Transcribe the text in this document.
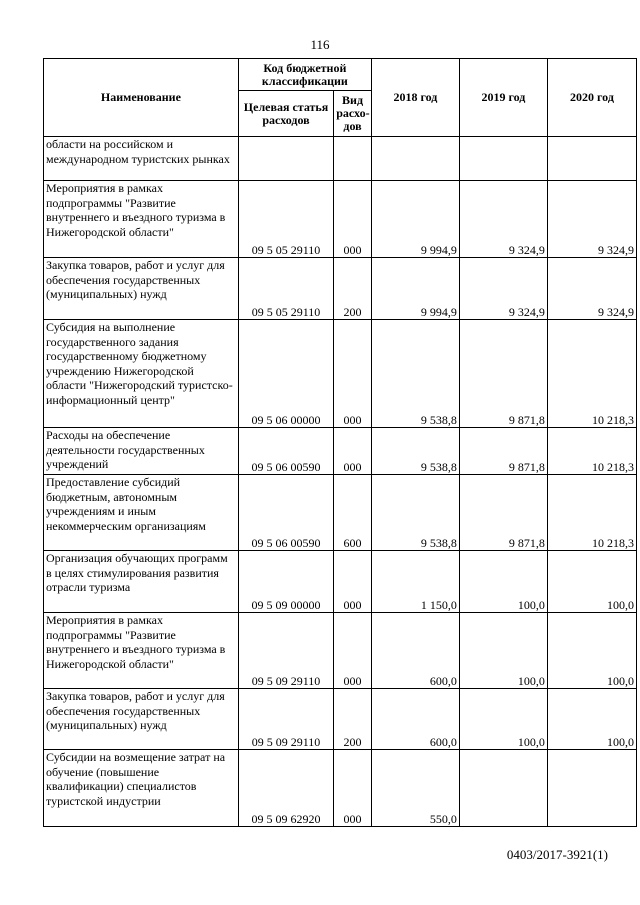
116
Наименование	Код бюджетной классификации		2018 год	2019 год	2020 год
	Целевая статья расходов	Вид расхо- дов			
области на российском и международном туристских рынках					
Мероприятия в рамках подпрограммы "Развитие внутреннего и въездного туризма в Нижегородской области"	09 5 05 29110	000	9 994,9	9 324,9	9 324,9
Закупка товаров, работ и услуг для обеспечения государственных (муниципальных) нужд	09 5 05 29110	200	9 994,9	9 324,9	9 324,9
Субсидия на выполнение государственного задания государственному бюджетному учреждению Нижегородской области "Нижегородский туристско-информационный центр"	09 5 06 00000	000	9 538,8	9 871,8	10 218,3
Расходы на обеспечение деятельности государственных учреждений	09 5 06 00590	000	9 538,8	9 871,8	10 218,3
Предоставление субсидий бюджетным, автономным учреждениям и иным некоммерческим организациям	09 5 06 00590	600	9 538,8	9 871,8	10 218,3
Организация обучающих программ в целях стимулирования развития отрасли туризма	09 5 09 00000	000	1 150,0	100,0	100,0
Мероприятия в рамках подпрограммы "Развитие внутреннего и въездного туризма в Нижегородской области"	09 5 09 29110	000	600,0	100,0	100,0
Закупка товаров, работ и услуг для обеспечения государственных (муниципальных) нужд	09 5 09 29110	200	600,0	100,0	100,0
Субсидии на возмещение затрат на обучение (повышение квалификации) специалистов туристской индустрии	09 5 09 62920	000	550,0		
0403/2017-3921(1)
